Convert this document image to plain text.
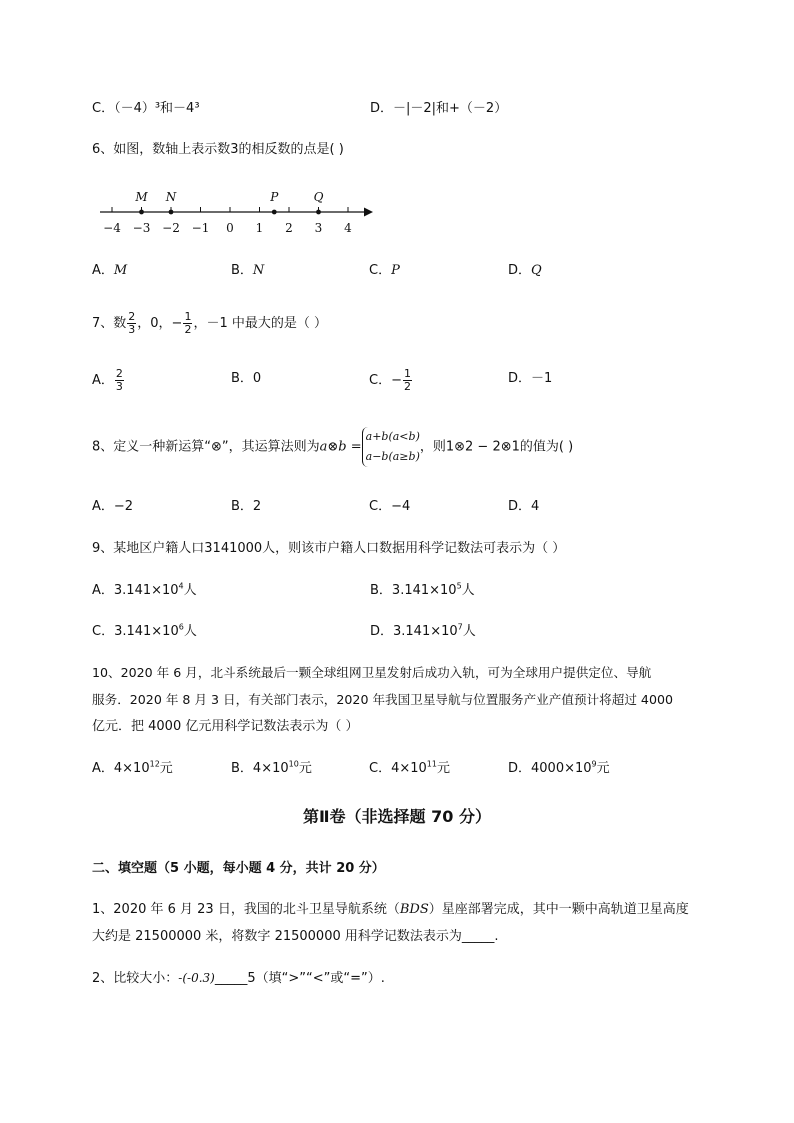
C．（－4）³和－4³	D．－|－2|和+（－2）
6、如图，数轴上表示数3的相反数的点是( )
−4 −3 −2 −1 0 1 2 3 4
M N	P	Q
A．M	B．N	C．P	D．Q
7、数 $\frac{2}{3}$ ，0，− $\frac{1}{2}$ ，－1 中最大的是（ ）
A． $\frac{2}{3}$	B．0	C．− $\frac{1}{2}$	D．－1
8、定义一种新运算“⊗”，其运算法则为a⊗b =
a+b(a<b)
a−b(a≥b)
，则1⊗2 − 2⊗1的值为( )
A．−2	B．2	C．−4	D．4
9、某地区户籍人口3141000人，则该市户籍人口数据用科学记数法可表示为（ ）
A．$3.141\times 10^4$人	B．$3.141\times 10^5$人
C．$3.141\times 10^6$人	D．$3.141\times 10^7$人
10、2020 年 6 月，北斗系统最后一颗全球组网卫星发射后成功入轨，可为全球用户提供定位、导航
服务．2020 年 8 月 3 日，有关部门表示，2020 年我国卫星导航与位置服务产业产值预计将超过 4000
亿元．把 4000 亿元用科学记数法表示为（ ）
A．$4\times 10^{12}$元	B．$4\times 10^{10}$元	C．$4\times 10^{11}$元	D．$4000\times 10^9$元
第Ⅱ卷（非选择题 70 分）
二、填空题（5 小题，每小题 4 分，共计 20 分）
1、2020 年 6 月 23 日，我国的北斗卫星导航系统（BDS）星座部署完成，其中一颗中高轨道卫星高度
大约是 21500000 米，将数字 21500000 用科学记数法表示为_____.
2、比较大小：-(-0.3)_____5（填“>”“<”或“=”）.
